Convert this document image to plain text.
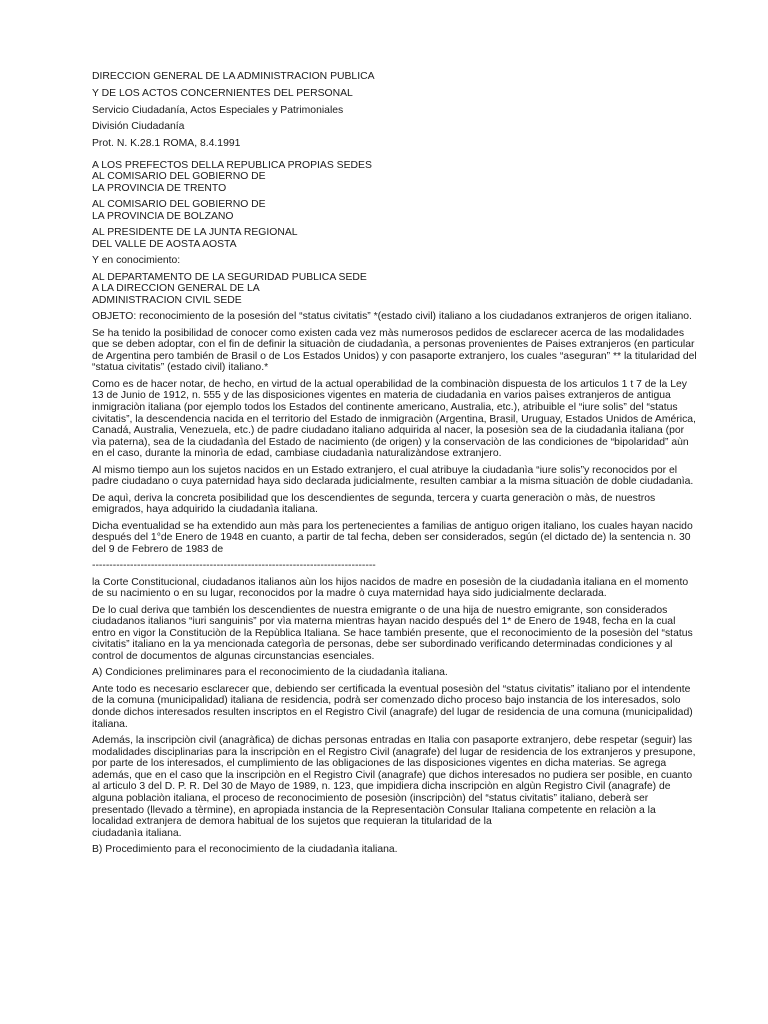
DIRECCION GENERAL DE LA ADMINISTRACION PUBLICA

Y DE LOS ACTOS CONCERNIENTES DEL PERSONAL

Servicio Ciudadanía, Actos Especiales y Patrimoniales

División Ciudadanía

Prot. N. K.28.1 ROMA, 8.4.1991

A LOS PREFECTOS DELLA REPUBLICA PROPIAS SEDES

AL COMISARIO DEL GOBIERNO DE

LA PROVINCIA DE TRENTO

AL COMISARIO DEL GOBIERNO DE

LA PROVINCIA DE BOLZANO

AL PRESIDENTE DE LA JUNTA REGIONAL

DEL VALLE DE AOSTA AOSTA

Y en conocimiento:

AL DEPARTAMENTO DE LA SEGURIDAD PUBLICA SEDE

A LA DIRECCION GENERAL DE LA

ADMINISTRACION CIVIL SEDE

OBJETO: reconocimiento de la posesión del “status civitatis” *(estado civil) italiano a los ciudadanos extranjeros de origen italiano.

Se ha tenido la posibilidad de conocer como existen cada vez màs numerosos pedidos de esclarecer acerca de las modalidades que se deben adoptar, con el fin de definir la situaciòn de ciudadanìa, a personas provenientes de Paises extranjeros (en particular de Argentina pero también de Brasil o de Los Estados Unidos) y con pasaporte extranjero, los cuales “aseguran” ** la titularidad del “statua civitatis” (estado civil) italiano.*

Como es de hacer notar, de hecho, en virtud de la actual operabilidad de la combinaciòn dispuesta de los articulos 1 t 7 de la Ley 13 de Junio de 1912, n. 555 y de las disposiciones vigentes en materia de ciudadanìa en varios paìses extranjeros de antigua inmigraciòn italiana (por ejemplo todos los Estados del continente americano, Australia, etc.), atribuible el “iure solis” del “status civitatis”, la descendencia nacida en el territorio del Estado de inmigraciòn (Argentina, Brasil, Uruguay, Estados Unidos de América, Canadá, Australia, Venezuela, etc.) de padre ciudadano italiano adquirida al nacer, la posesiòn sea de la ciudadanìa italiana (por vìa paterna), sea de la ciudadanìa del Estado de nacimiento (de origen) y la conservaciòn de las condiciones de “bipolaridad” aùn en el caso, durante la minorìa de edad, cambiase ciudadanìa naturalizàndose extranjero.

Al mismo tiempo aun los sujetos nacidos en un Estado extranjero, el cual atribuye la ciudadanìa “iure solis”y reconocidos por el padre ciudadano o cuya paternidad haya sido declarada judicialmente, resulten cambiar a la misma situaciòn de doble ciudadanìa.

De aquì, deriva la concreta posibilidad que los descendientes de segunda, tercera y cuarta generaciòn o màs, de nuestros emigrados, haya adquirido la ciudadanìa italiana.

Dicha eventualidad se ha extendido aun màs para los pertenecientes a familias de antiguo origen italiano, los cuales hayan nacido después del 1°de Enero de 1948 en cuanto, a partir de tal fecha, deben ser considerados, según (el dictado de) la sentencia n. 30 del 9 de Febrero de 1983 de

----------------------------------------------------------------------------------

la Corte Constitucional, ciudadanos italianos aùn los hijos nacidos de madre en posesiòn de la ciudadanìa italiana en el momento de su nacimiento o en su lugar, reconocidos por la madre ò cuya maternidad haya sido judicialmente declarada.

De lo cual deriva que también los descendientes de nuestra emigrante o de una hija de nuestro emigrante, son considerados ciudadanos italianos “iuri sanguinis” por vìa materna mientras hayan nacido después del 1* de Enero de 1948, fecha en la cual entro en vigor la Constituciòn de la Repùblica Italiana. Se hace también presente, que el reconocimiento de la posesiòn del “status civitatis” italiano en la ya mencionada categorìa de personas, debe ser subordinado verificando determinadas condiciones y al control de documentos de algunas circunstancias esenciales.

A) Condiciones preliminares para el reconocimiento de la ciudadanìa italiana.

Ante todo es necesario esclarecer que, debiendo ser certificada la eventual posesiòn del “status civitatis” italiano por el intendente de la comuna (municipalidad) italiana de residencia, podrà ser comenzado dicho proceso bajo instancia de los interesados, solo donde dichos interesados resulten inscriptos en el Registro Civil (anagrafe) del lugar de residencia de una comuna (municipalidad) italiana.

Además, la inscripciòn civil (anagràfica) de dichas personas entradas en Italia con pasaporte extranjero, debe respetar (seguir) las modalidades disciplinarias para la inscripciòn en el Registro Civil (anagrafe) del lugar de residencia de los extranjeros y presupone, por parte de los interesados, el cumplimiento de las obligaciones de las disposiciones vigentes en dicha materias. Se agrega además, que en el caso que la inscripciòn en el Registro Civil (anagrafe) que dichos interesados no pudiera ser posible, en cuanto al articulo 3 del D. P. R. Del 30 de Mayo de 1989, n. 123, que impidiera dicha inscripciòn en algùn Registro Civil (anagrafe) de alguna poblaciòn italiana, el proceso de reconocimiento de posesiòn (inscripciòn) del “status civitatis” italiano, deberà ser presentado (llevado a tèrmine), en apropiada instancia de la Representaciòn Consular Italiana competente en relaciòn a la localidad extranjera de demora habitual de los sujetos que requieran la titularidad de la

ciudadanìa italiana.

B) Procedimiento para el reconocimiento de la ciudadanìa italiana.
